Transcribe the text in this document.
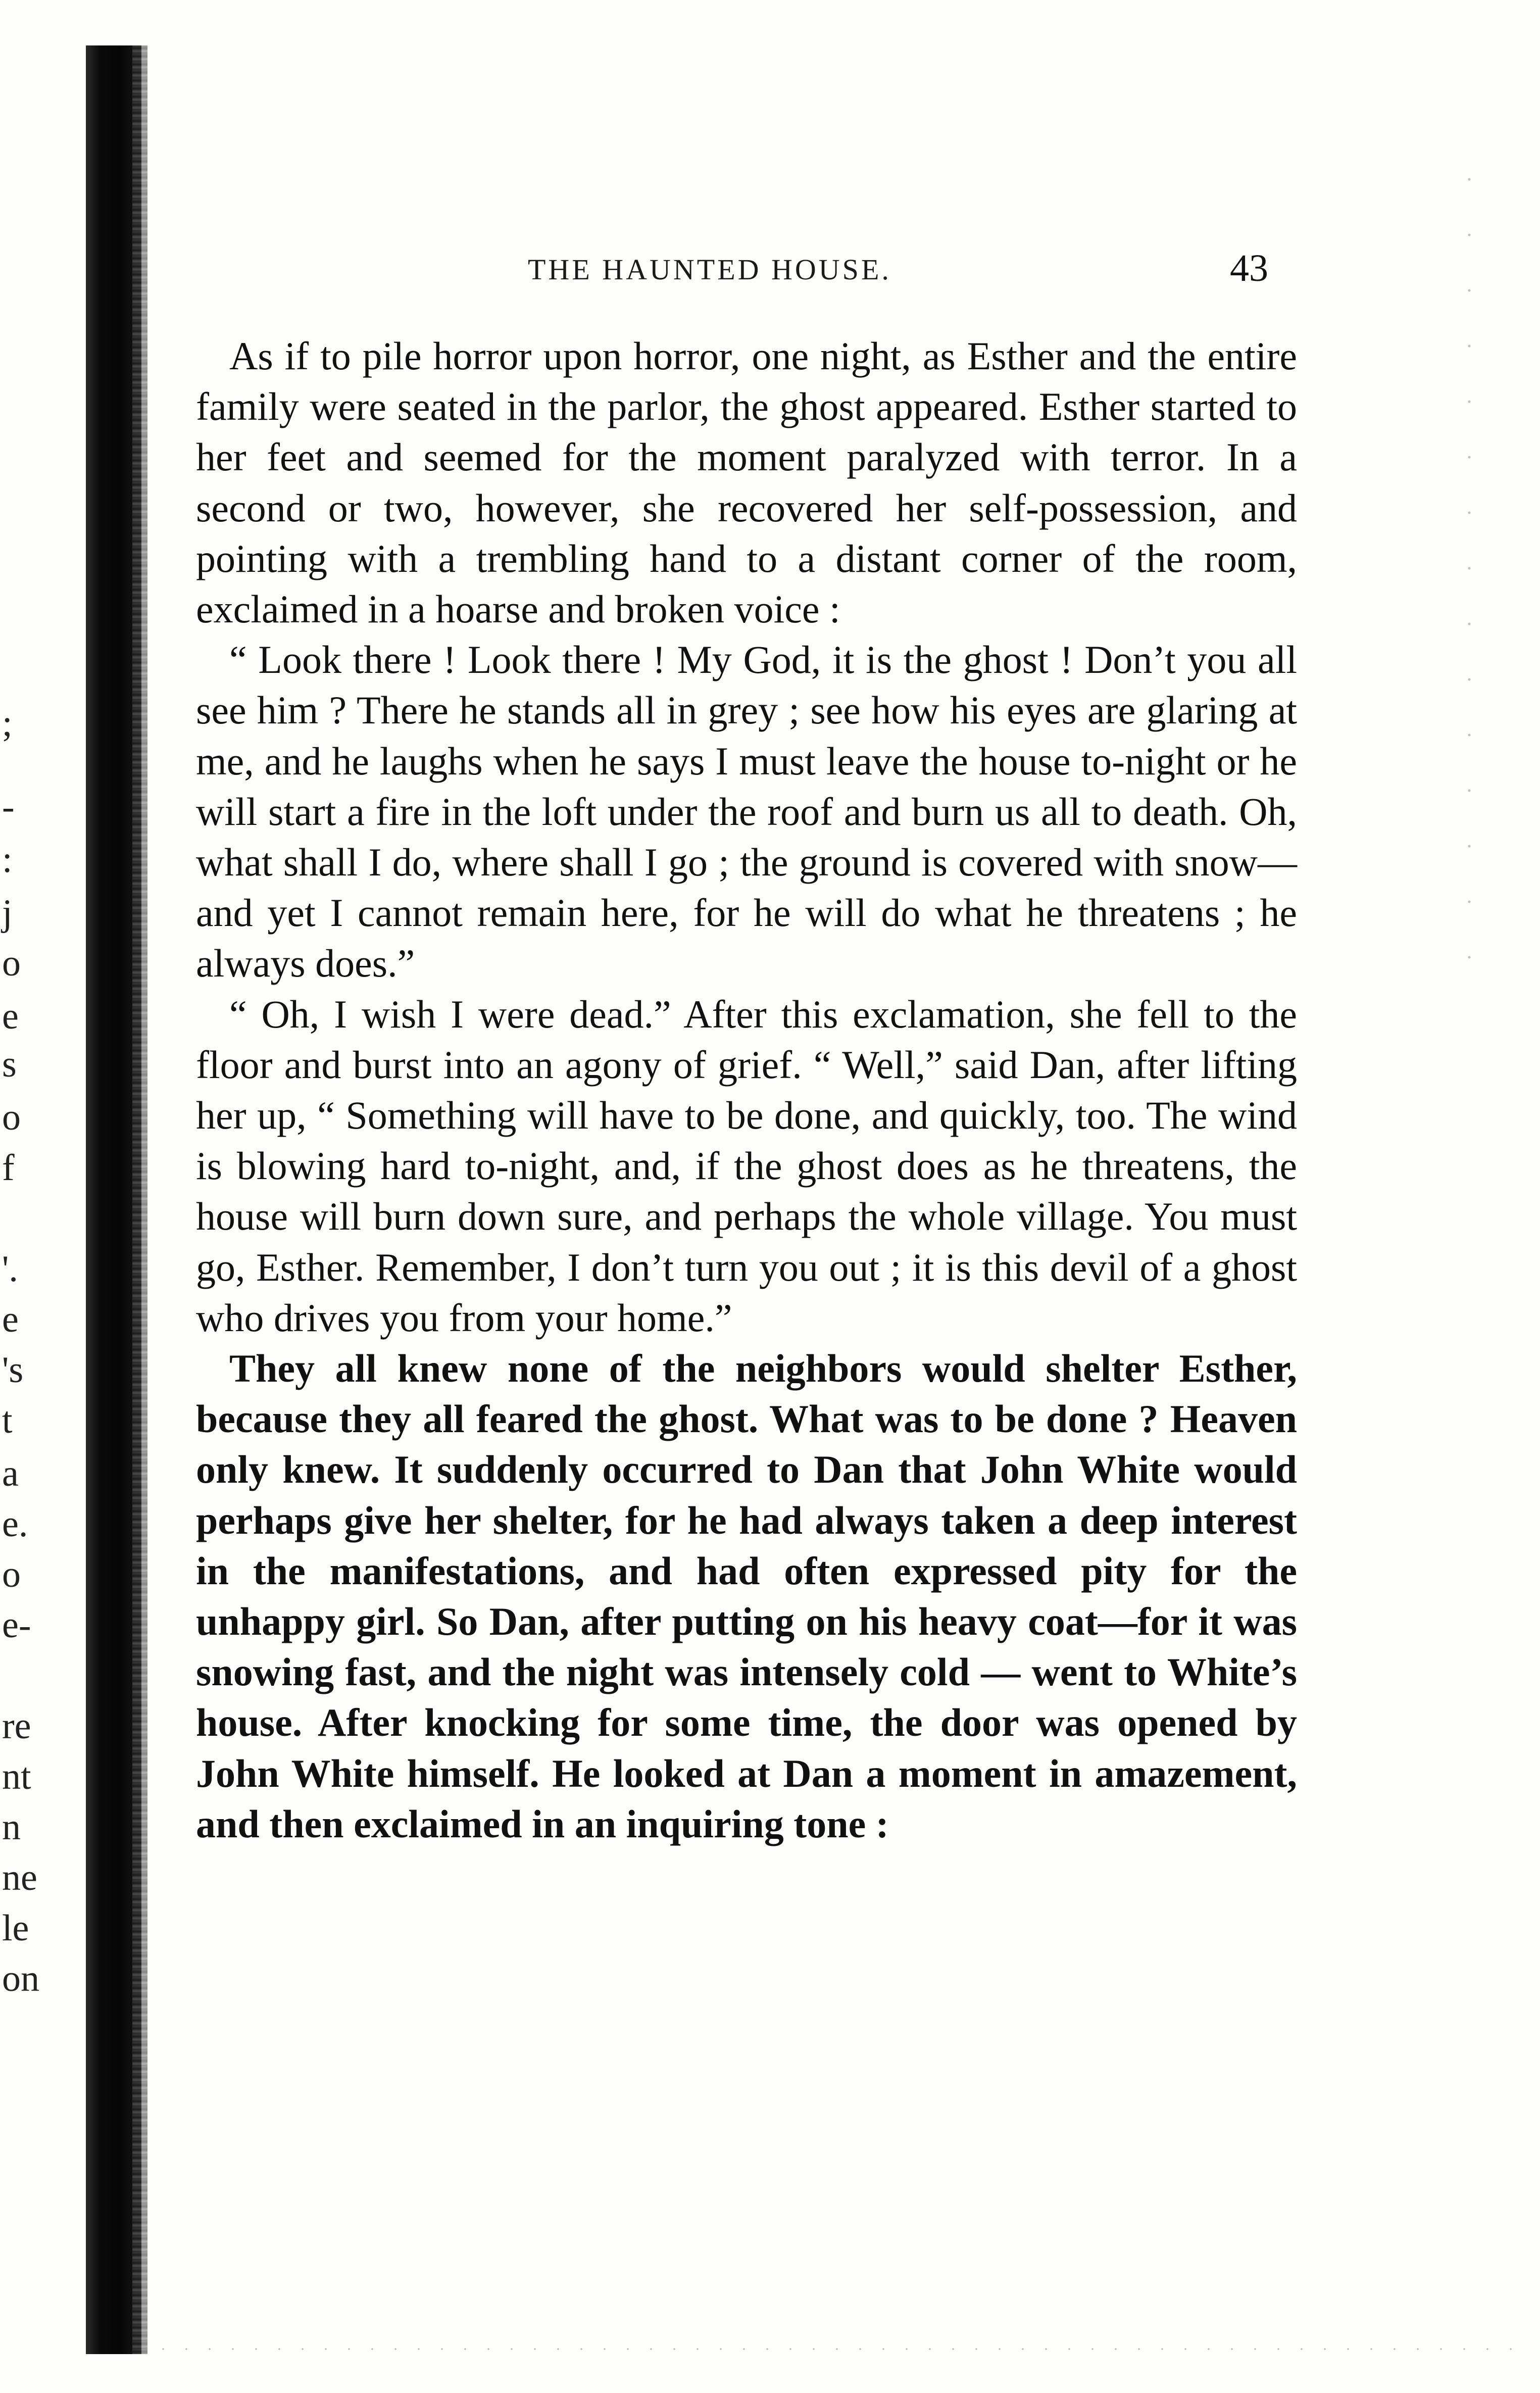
;
-
:
j
o
e
s
o
f
'.
e
's
t
a
e.
o
e-
re
nt
n
ne
le
on
THE HAUNTED HOUSE.	43

As if to pile horror upon horror, one night, as Esther and the entire family were seated in the parlor, the ghost appeared. Esther started to her feet and seemed for the moment paralyzed with terror. In a second or two, however, she recovered her self-possession, and pointing with a trembling hand to a distant corner of the room, exclaimed in a hoarse and broken voice :

“ Look there ! Look there ! My God, it is the ghost ! Don’t you all see him ? There he stands all in grey ; see how his eyes are glaring at me, and he laughs when he says I must leave the house to-night or he will start a fire in the loft under the roof and burn us all to death. Oh, what shall I do, where shall I go ; the ground is covered with snow—and yet I cannot remain here, for he will do what he threatens ; he always does.”

“ Oh, I wish I were dead.” After this exclamation, she fell to the floor and burst into an agony of grief. “ Well,” said Dan, after lifting her up, “ Something will have to be done, and quickly, too. The wind is blowing hard to-night, and, if the ghost does as he threatens, the house will burn down sure, and perhaps the whole village. You must go, Esther. Remember, I don’t turn you out ; it is this devil of a ghost who drives you from your home.”

They all knew none of the neighbors would shelter Esther, because they all feared the ghost. What was to be done ? Heaven only knew. It suddenly occurred to Dan that John White would perhaps give her shelter, for he had always taken a deep interest in the manifestations, and had often expressed pity for the unhappy girl. So Dan, after putting on his heavy coat—for it was snowing fast, and the night was intensely cold — went to White’s house. After knocking for some time, the door was opened by John White himself. He looked at Dan a moment in amazement, and then exclaimed in an inquiring tone :
